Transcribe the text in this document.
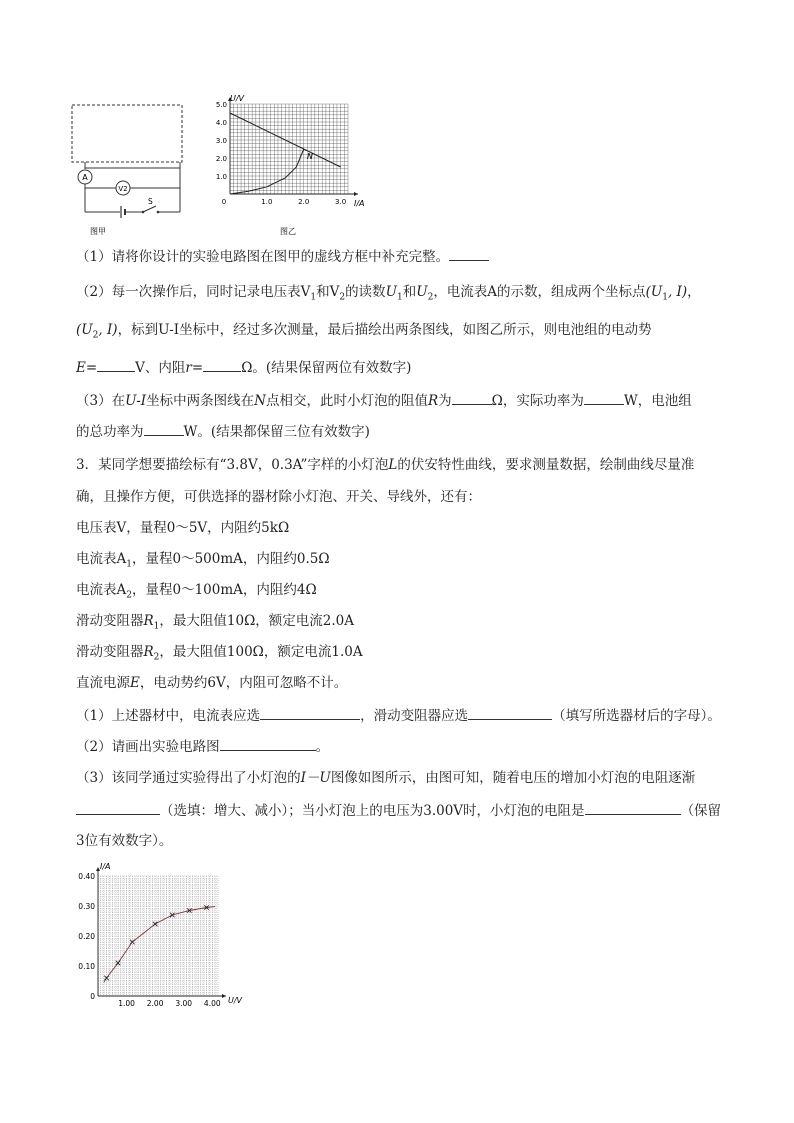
A
V2
S
图甲
5.0
4.0
3.0
2.0
1.0
0	1.0	2.0	3.0
U/V
I/A
N
图乙
（1）请将你设计的实验电路图在图甲的虚线方框中补充完整。
（2）每一次操作后，同时记录电压表$V_1$和$V_2$的读数$U_1$和$U_2$，电流表A的示数，组成两个坐标点($U_1$, I)，
($U_2$, I)，标到U-I坐标中，经过多次测量，最后描绘出两条图线，如图乙所示，则电池组的电动势
E=	V、内阻r=	Ω。(结果保留两位有效数字)
（3）在U-I坐标中两条图线在N点相交，此时小灯泡的阻值R为	Ω，实际功率为	W，电池组
的总功率为	W。(结果都保留三位有效数字)
3．某同学想要描绘标有“3.8V，0.3A”字样的小灯泡L的伏安特性曲线，要求测量数据，绘制曲线尽量准
确，且操作方便，可供选择的器材除小灯泡、开关、导线外，还有：
电压表V，量程0～5V，内阻约5kΩ
电流表$A_1$，量程0～500mA，内阻约0.5Ω
电流表$A_2$，量程0～100mA，内阻约4Ω
滑动变阻器$R_1$，最大阻值10Ω，额定电流2.0A
滑动变阻器$R_2$，最大阻值100Ω，额定电流1.0A
直流电源E，电动势约6V，内阻可忽略不计。
（1）上述器材中，电流表应选	，滑动变阻器应选	（填写所选器材后的字母）。
（2）请画出实验电路图	。
（3）该同学通过实验得出了小灯泡的I－U图像如图所示，由图可知，随着电压的增加小灯泡的电阻逐渐
（选填：增大、减小）；当小灯泡上的电压为3.00V时，小灯泡的电阻是	（保留
3位有效数字）。
0.40
0.30
0.20
0.10
0
1.00 2.00 3.00 4.00
I/A
U/V
